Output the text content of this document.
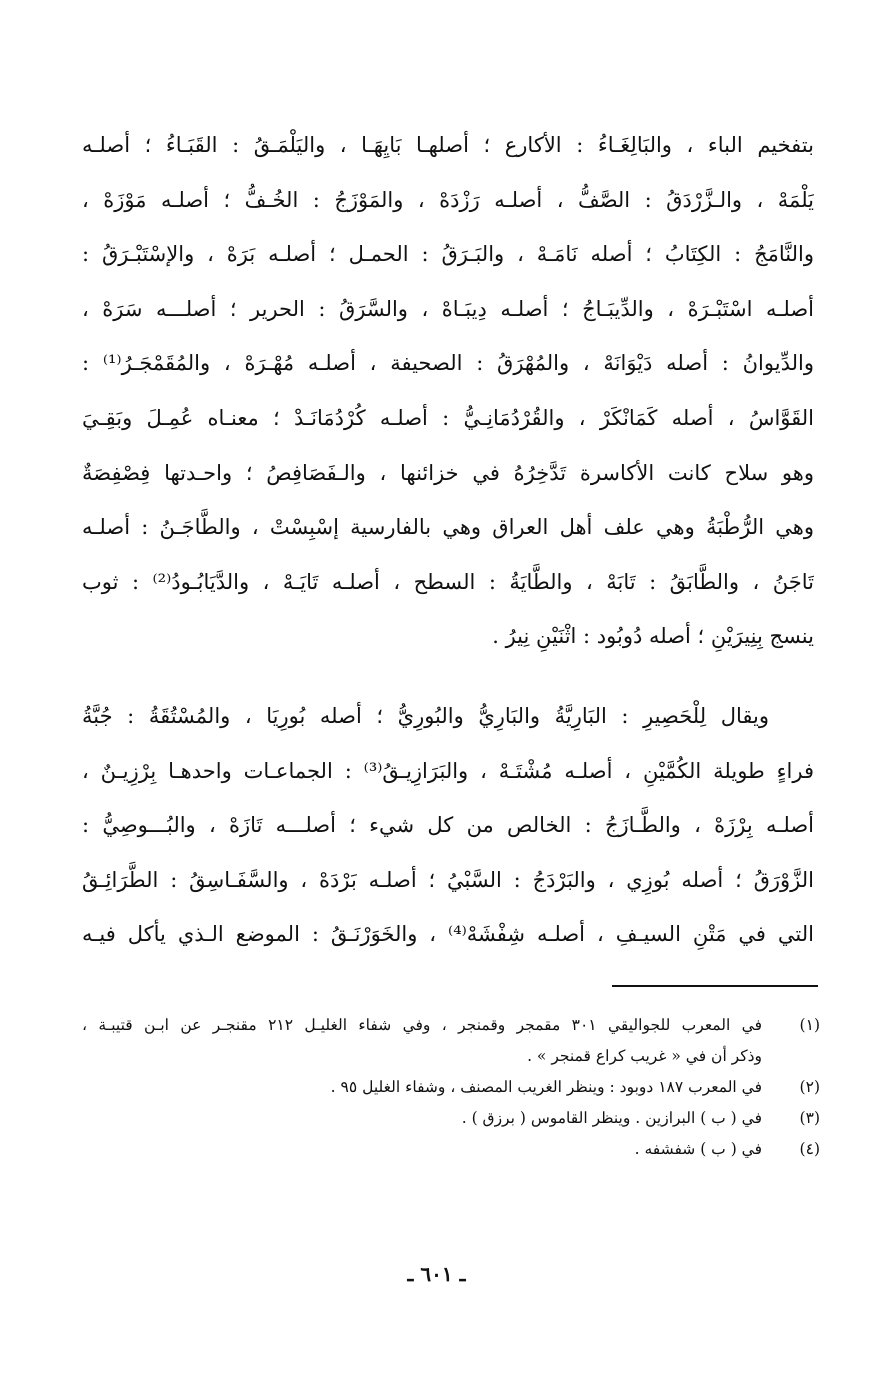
بتفخيم الباء ، والبَالِغَـاءُ : الأكارع ؛ أصلهـا بَايِهَـا ، واليَلْمَـقُ : القَبَـاءُ ؛ أصلـه
يَلْمَهْ ، والـزَّرْدَقُ : الصَّفُّ ، أصلـه رَزْدَهْ ، والمَوْزَجُ : الخُـفُّ ؛ أصلـه مَوْزَهْ ،
والنَّامَجُ : الكِتَابُ ؛ أصله نَامَـهْ ، والبَـرَقُ : الحمـل ؛ أصلـه بَرَهْ ، والإسْتَبْـرَقُ :
أصلـه اسْتَبْـرَهْ ، والدِّيبَـاجُ ؛ أصلـه دِيبَـاهْ ، والسَّرَقُ : الحرير ؛ أصلـــه سَرَهْ ،
والدِّيوانُ : أصله دَيْوَانَهْ ، والمُهْرَقُ : الصحيفة ، أصلـه مُهْـرَهْ ، والمُقَمْجَـرُ⁽¹⁾ :
القَوَّاسُ ، أصله كَمَانْكَرْ ، والقُرْدُمَانِـيُّ : أصلـه كُرْدُمَانَـدْ ؛ معنـاه عُمِـلَ وبَقِـيَ
وهو سلاح كانت الأكاسرة تَدَّخِرُهُ في خزائنها ، والـفَصَافِصُ ؛ واحـدتها فِصْفِصَةٌ
وهي الرُّطْبَةُ وهي علف أهل العراق وهي بالفارسية إسْبِسْتْ ، والطَّاجَـنُ : أصلـه
تَاجَنُ ، والطَّابَقُ : تَابَهْ ، والطَّايَةُ : السطح ، أصلـه تَايَـهْ ، والدَّيَابُـودُ⁽²⁾ : ثوب
ينسج بِنِيرَيْنِ ؛ أصله دُوبُود : اثْنَيْنِ نِيرُ .

ويقال لِلْحَصِيرِ : البَارِيَّةُ والبَارِيُّ والبُورِيُّ ؛ أصله بُورِيَا ، والمُسْتُقَةُ : جُبَّةُ
فراءٍ طويلة الكُمَّيْنِ ، أصلـه مُشْتَـهْ ، والبَرَازِيـقُ⁽³⁾ : الجماعـات واحدهـا بِرْزِيـنٌ ،
أصلـه بِرْزَهْ ، والطَّـازَجُ : الخالص من كل شيء ؛ أصلـــه تَازَهْ ، والبُـــوصِيُّ :
الزَّوْرَقُ ؛ أصله بُوزِي ، والبَرْدَجُ : السَّبْيُ ؛ أصلـه بَرْدَهْ ، والسَّفَـاسِقُ : الطَّرَائِـقُ
التي في مَتْنِ السيـفِ ، أصلـه شِفْشَهْ⁽⁴⁾ ، والخَوَرْنَـقُ : الموضع الـذي يأكل فيـه

(١)
في المعرب للجواليقي ٣٠١ مقمجر وقمنجر ، وفي شفاء الغليـل ٢١٢ مقنجـر عن ابـن قتيبـة ،
وذكر أن في « غريب كراع قمنجر » .
(٢)
في المعرب ١٨٧ دوبود : وينظر الغريب المصنف ، وشفاء الغليل ٩٥ .
(٣)
في ( ب ) البرازين . وينظر القاموس ( برزق ) .
(٤)
في ( ب ) شفشفه .
ـ ٦٠١ ـ
